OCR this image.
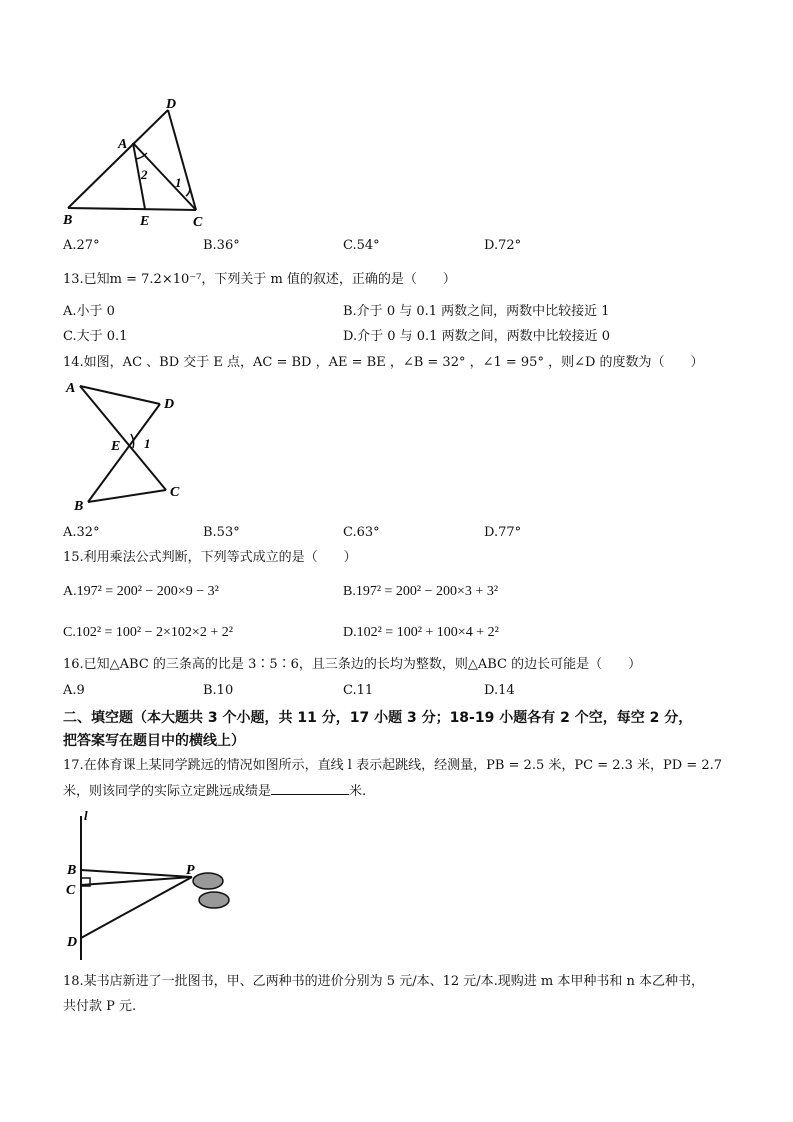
D
A
B	E	C
2
1
A.27°	B.36°	C.54°	D.72°
13.已知m = 7.2×10⁻⁷，下列关于 m 值的叙述，正确的是（　　）
A.小于 0	B.介于 0 与 0.1 两数之间，两数中比较接近 1
C.大于 0.1	D.介于 0 与 0.1 两数之间，两数中比较接近 0
14.如图，AC 、BD 交于 E 点，AC = BD ，AE = BE ，∠B = 32° ，∠1 = 95° ，则∠D 的度数为（　　）
A
D
E 1
B
C
A.32°	B.53°	C.63°	D.77°
15.利用乘法公式判断，下列等式成立的是（　　）
A.197² = 200² − 200×9 − 3²	B.197² = 200² − 200×3 + 3²
C.102² = 100² − 2×102×2 + 2²	D.102² = 100² + 100×4 + 2²
16.已知△ABC 的三条高的比是 3∶5∶6，且三条边的长均为整数，则△ABC 的边长可能是（　　）
A.9	B.10	C.11	D.14
二、填空题（本大题共 3 个小题，共 11 分，17 小题 3 分；18-19 小题各有 2 个空，每空 2 分，
把答案写在题目中的横线上）
17.在体育课上某同学跳远的情况如图所示，直线 l 表示起跳线，经测量，PB = 2.5 米，PC = 2.3 米，PD = 2.7
米，则该同学的实际立定跳远成绩是	米.
l
B
C
P
D
18.某书店新进了一批图书，甲、乙两种书的进价分别为 5 元/本、12 元/本.现购进 m 本甲种书和 n 本乙种书，
共付款 P 元.
